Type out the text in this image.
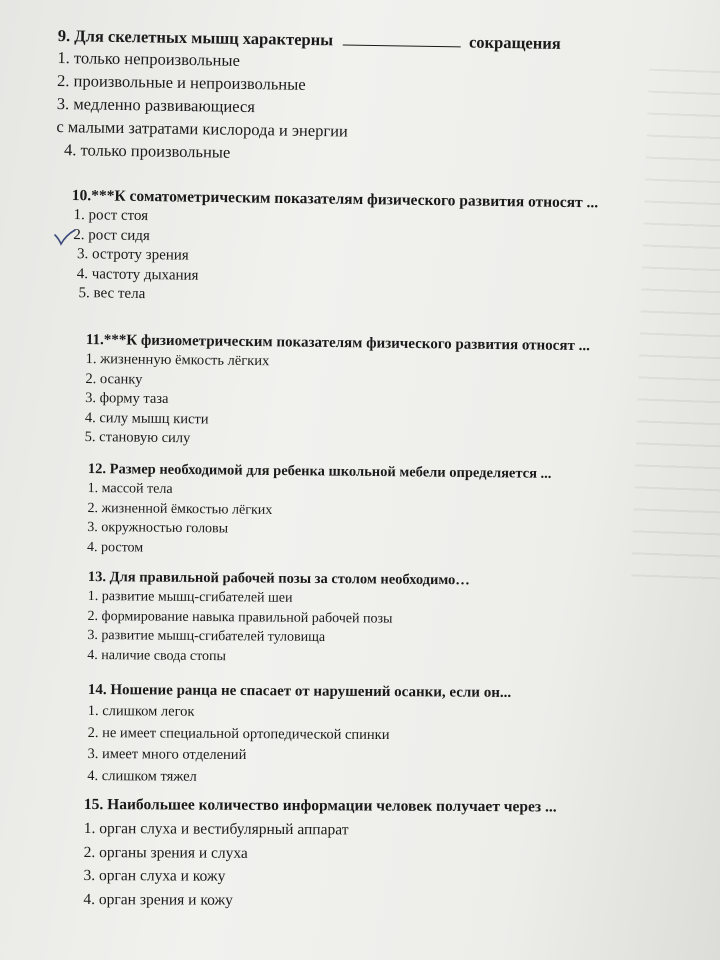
9. Для скелетных мышц характерны	сокращения
1. только непроизвольные
2. произвольные и непроизвольные
3. медленно развивающиеся
с малыми затратами кислорода и энергии
4. только произвольные
10.***К соматометрическим показателям физического развития относят ...
1. рост стоя
2. рост сидя
3. остроту зрения
4. частоту дыхания
5. вес тела
11.***К физиометрическим показателям физического развития относят ...
1. жизненную ёмкость лёгких
2. осанку
3. форму таза
4. силу мышц кисти
5. становую силу
12. Размер необходимой для ребенка школьной мебели определяется ...
1. массой тела
2. жизненной ёмкостью лёгких
3. окружностью головы
4. ростом
13. Для правильной рабочей позы за столом необходимо…
1. развитие мышц-сгибателей шеи
2. формирование навыка правильной рабочей позы
3. развитие мышц-сгибателей туловища
4. наличие свода стопы
14. Ношение ранца не спасает от нарушений осанки, если он...
1. слишком легок
2. не имеет специальной ортопедической спинки
3. имеет много отделений
4. слишком тяжел
15. Наибольшее количество информации человек получает через ...
1. орган слуха и вестибулярный аппарат
2. органы зрения и слуха
3. орган слуха и кожу
4. орган зрения и кожу
